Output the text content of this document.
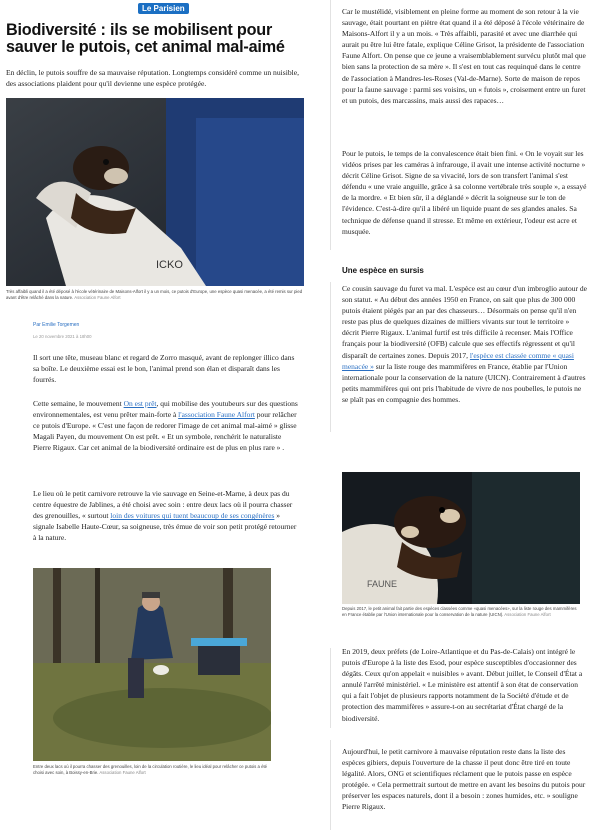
Le Parisien
Biodiversité : ils se mobilisent pour sauver le putois, cet animal mal-aimé

En déclin, le putois souffre de sa mauvaise réputation. Longtemps considéré comme un nuisible, des associations plaident pour qu'il devienne une espèce protégée.

ICKO

Très affaibli quand il a été déposé à l'école vétérinaire de Maisons-Alfort il y a un mois, ce putois d'Europe, une espèce quasi menacée, a été remis sur pied avant d'être relâché dans la nature. Association Faune Alfort

Par Emilie Torgemen
Le 20 novembre 2021 à 18h00

Il sort une tête, museau blanc et regard de Zorro masqué, avant de replonger illico dans sa boîte. Le deuxième essai est le bon, l'animal prend son élan et disparaît dans les fourrés.

Cette semaine, le mouvement On est prêt, qui mobilise des youtubeurs sur des questions environnementales, est venu prêter main-forte à l'association Faune Alfort pour relâcher ce putois d'Europe. « C'est une façon de redorer l'image de cet animal mal-aimé » glisse Magali Payen, du mouvement On est prêt. « Et un symbole, renchérit le naturaliste Pierre Rigaux. Car cet animal de la biodiversité ordinaire est de plus en plus rare » .

Le lieu où le petit carnivore retrouve la vie sauvage en Seine-et-Marne, à deux pas du centre équestre de Jablines, a été choisi avec soin : entre deux lacs où il pourra chasser des grenouilles, « surtout loin des voitures qui tuent beaucoup de ses congénères » signale Isabelle Haute-Cœur, sa soigneuse, très émue de voir son petit protégé retourner à la nature.

Entre deux lacs où il pourra chasser des grenouilles, loin de la circulation routière, le lieu idéal pour relâcher ce putois a été choisi avec soin, à Boissy-en-Brie. Association Faune Alfort

Car le mustélidé, visiblement en pleine forme au moment de son retour à la vie sauvage, était pourtant en piètre état quand il a été déposé à l'école vétérinaire de Maisons-Alfort il y a un mois. « Très affaibli, parasité et avec une diarrhée qui aurait pu être lui être fatale, explique Céline Grisot, la présidente de l'association Faune Alfort. On pense que ce jeune a vraisemblablement survécu plutôt mal que bien sans la protection de sa mère ». Il s'est en tout cas requinqué dans le centre de l'association à Mandres-les-Roses (Val-de-Marne). Sorte de maison de repos pour la faune sauvage : parmi ses voisins, un « futois », croisement entre un furet et un putois, des marcassins, mais aussi des rapaces…

Pour le putois, le temps de la convalescence était bien fini. « On le voyait sur les vidéos prises par les caméras à infrarouge, il avait une intense activité nocturne » décrit Céline Grisot. Signe de sa vivacité, lors de son transfert l'animal s'est défendu « une vraie anguille, grâce à sa colonne vertébrale très souple », a essayé de la mordre. « Et bien sûr, il a déglandé » décrit la soigneuse sur le ton de l'évidence. C'est-à-dire qu'il a libéré un liquide puant de ses glandes anales. Sa technique de défense quand il stresse. Et même en extérieur, l'odeur est acre et musquée.

Une espèce en sursis

Ce cousin sauvage du furet va mal. L'espèce est au cœur d'un imbroglio autour de son statut. « Au début des années 1950 en France, on sait que plus de 300 000 putois étaient piégés par an par des chasseurs… Désormais on pense qu'il n'en reste pas plus de quelques dizaines de milliers vivants sur tout le territoire » décrit Pierre Rigaux. L'animal furtif est très difficile à recenser. Mais l'Office français pour la biodiversité (OFB) calcule que ses effectifs régressent et qu'il disparaît de certaines zones. Depuis 2017, l'espèce est classée comme « quasi menacée » sur la liste rouge des mammifères en France, établie par l'Union internationale pour la conservation de la nature (UICN). Contrairement à d'autres petits mammifères qui ont pris l'habitude de vivre de nos poubelles, le putois ne se plaît pas en compagnie des hommes.

FAUNE

Depuis 2017, le petit animal fait partie des espèces classées comme «quasi menacées», sur la liste rouge des mammifères en France établie par l'Union internationale pour la conservation de la nature (UICN). Association Faune Alfort

En 2019, deux préfets (de Loire-Atlantique et du Pas-de-Calais) ont intégré le putois d'Europe à la liste des Esod, pour espèce susceptibles d'occasionner des dégâts. Ceux qu'on appelait « nuisibles » avant. Début juillet, le Conseil d'État a annulé l'arrêté ministériel. « Le ministère est attentif à son état de conservation qui a fait l'objet de plusieurs rapports notamment de la Société d'étude et de protection des mammifères » assure-t-on au secrétariat d'État chargé de la biodiversité.

Aujourd'hui, le petit carnivore à mauvaise réputation reste dans la liste des espèces gibiers, depuis l'ouverture de la chasse il peut donc être tiré en toute légalité. Alors, ONG et scientifiques réclament que le putois passe en espèce protégée. « Cela permettrait surtout de mettre en avant les besoins du putois pour préserver les espaces naturels, dont il a besoin : zones humides, etc. » souligne Pierre Rigaux.
